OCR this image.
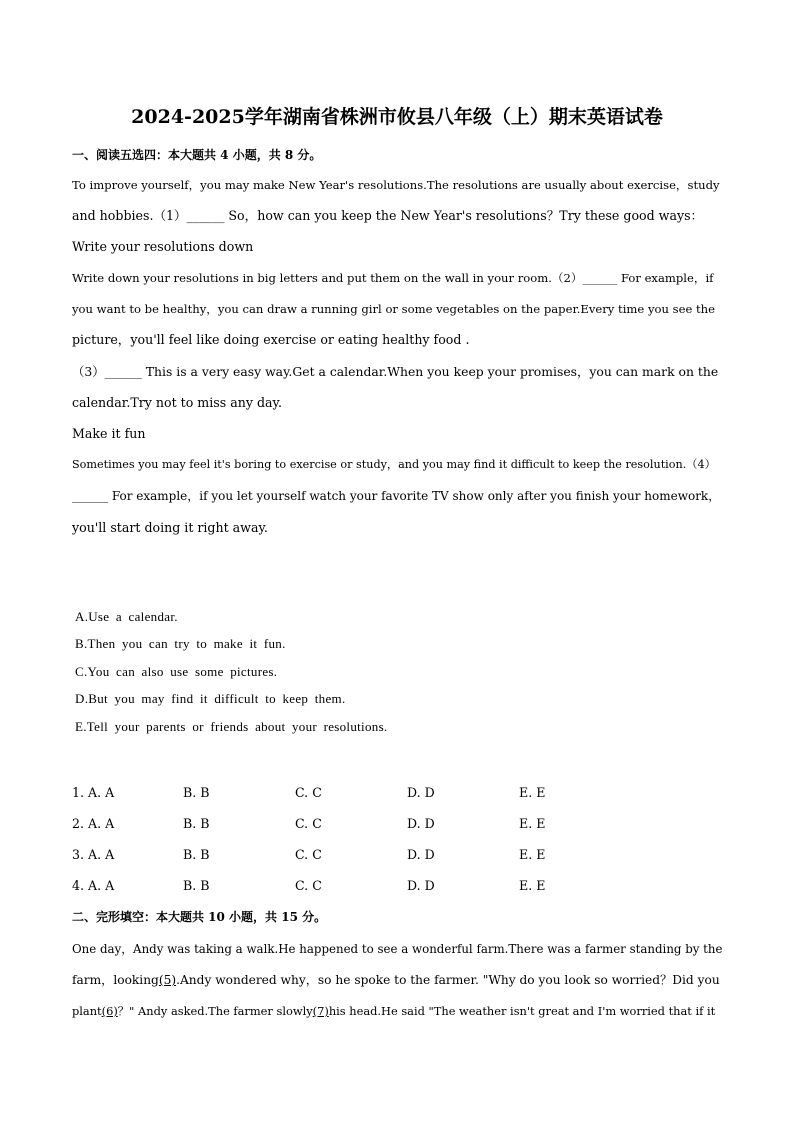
2024-2025学年湖南省株洲市攸县八年级（上）期末英语试卷
一、阅读五选四：本大题共 4 小题，共 8 分。
To improve yourself，you may make New Year's resolutions.The resolutions are usually about exercise，study
and hobbies.（1）______ So，how can you keep the New Year's resolutions？Try these good ways：
Write your resolutions down
Write down your resolutions in big letters and put them on the wall in your room.（2）______ For example，if
you want to be healthy，you can draw a running girl or some vegetables on the paper.Every time you see the
picture，you'll feel like doing exercise or eating healthy food .
（3）______ This is a very easy way.Get a calendar.When you keep your promises，you can mark on the
calendar.Try not to miss any day.
Make it fun
Sometimes you may feel it's boring to exercise or study，and you may find it difficult to keep the resolution.（4）
______ For example，if you let yourself watch your favorite TV show only after you finish your homework，
you'll start doing it right away.
A.Use a calendar.
B.Then you can try to make it fun.
C.You can also use some pictures.
D.But you may find it difficult to keep them.
E.Tell your parents or friends about your resolutions.
1. A. A	B. B	C. C	D. D	E. E
2. A. A	B. B	C. C	D. D	E. E
3. A. A	B. B	C. C	D. D	E. E
4. A. A	B. B	C. C	D. D	E. E
二、完形填空：本大题共 10 小题，共 15 分。
One day，Andy was taking a walk.He happened to see a wonderful farm.There was a farmer standing by the
farm，looking(5).Andy wondered why，so he spoke to the farmer. "Why do you look so worried？Did you
plant(6)？" Andy asked.The farmer slowly(7)his head.He said "The weather isn't great and I'm worried that if it
